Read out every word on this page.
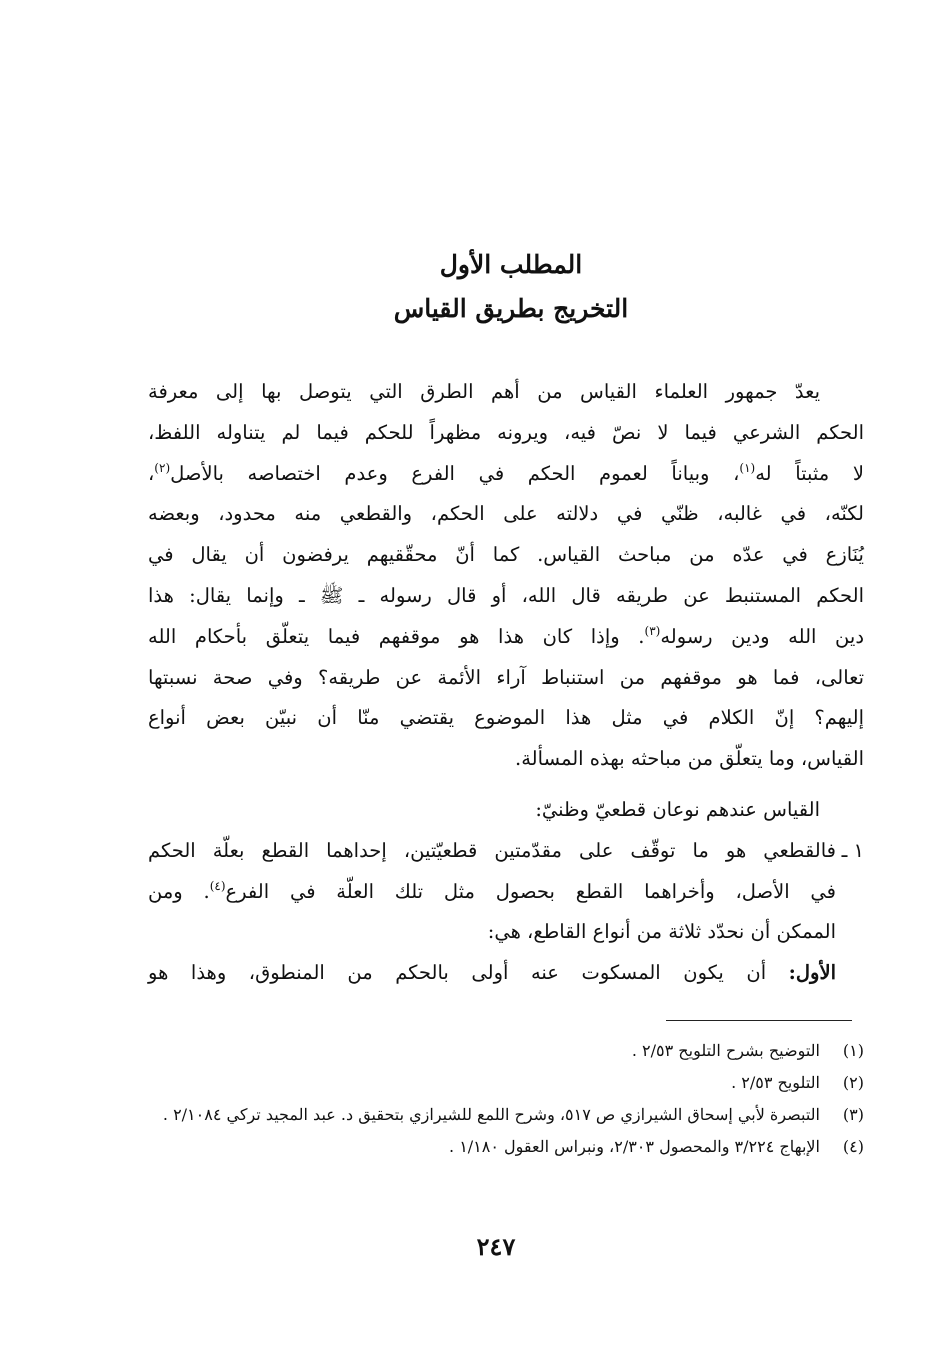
المطلب الأول
التخريج بطريق القياس

يعدّ جمهور العلماء القياس من أهم الطرق التي يتوصل بها إلى معرفة
الحكم الشرعي فيما لا نصّ فيه، ويرونه مظهراً للحكم فيما لم يتناوله اللفظ،
لا مثبتاً له$^{(١)}$، وبياناً لعموم الحكم في الفرع وعدم اختصاصه بالأصل$^{(٢)}$،
لكنّه، في غالبه، ظنّي في دلالته على الحكم، والقطعي منه محدود، وبعضه
يُنَازع في عدّه من مباحث القياس. كما أنّ محقّقيهم يرفضون أن يقال في
الحكم المستنبط عن طريقه قال الله، أو قال رسوله ـ ﷺ ـ وإنما يقال: هذا
دين الله ودين رسوله$^{(٣)}$. وإذا كان هذا هو موقفهم فيما يتعلّق بأحكام الله
تعالى، فما هو موقفهم من استنباط آراء الأئمة عن طريقه؟ وفي صحة نسبتها
إليهم؟ إنّ الكلام في مثل هذا الموضوع يقتضي منّا أن نبيّن بعض أنواع
القياس، وما يتعلّق من مباحثه بهذه المسألة.

القياس عندهم نوعان قطعيّ وظنيّ:

١ ـ
فالقطعي هو ما توقّف على مقدّمتين قطعيّتين، إحداهما القطع بعلّة الحكم
في الأصل، وأخراهما القطع بحصول مثل تلك العلّة في الفرع$^{(٤)}$. ومن
الممكن أن نحدّد ثلاثة من أنواع القاطع، هي:
الأول: أن يكون المسكوت عنه أولى بالحكم من المنطوق، وهذا هو
(١)
التوضيح بشرح التلويح ٢/٥٣ .
(٢)
التلويح ٢/٥٣ .
(٣)
التبصرة لأبي إسحاق الشيرازي ص ٥١٧، وشرح اللمع للشيرازي بتحقيق د. عبد المجيد تركي ٢/١٠٨٤ .
(٤)
الإبهاج ٣/٢٢٤ والمحصول ٢/٣٠٣، ونبراس العقول ١/١٨٠ .
٢٤٧
